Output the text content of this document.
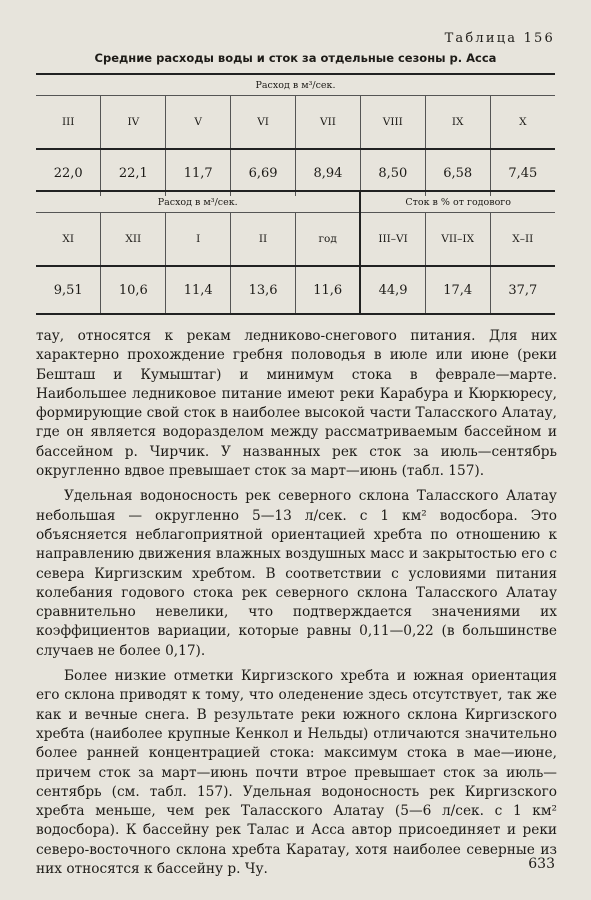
Таблица 156
Средние расходы воды и сток за отдельные сезоны р. Асса
Расход в м³/сек.							
III	IV	V	VI	VII	VIII	IX	X
22,0	22,1	11,7	6,69	8,94	8,50	6,58	7,45
Расход в м³/сек.					Сток в % от годового		
XI	XII	I	II	год	III–VI	VII–IX	X–II
9,51	10,6	11,4	13,6	11,6	44,9	17,4	37,7

тау, относятся к рекам ледниково-снегового питания. Для них характерно прохождение гребня половодья в июле или июне (реки Бешташ и Кумыштаг) и минимум стока в феврале—марте. Наибольшее ледниковое питание имеют реки Карабура и Кюркюресу, формирующие свой сток в наиболее высокой части Таласского Алатау, где он является водоразделом между рассматриваемым бассейном и бассейном р. Чирчик. У названных рек сток за июль—сентябрь округленно вдвое превышает сток за март—июнь (табл. 157).

Удельная водоносность рек северного склона Таласского Алатау небольшая — округленно 5—13 л/сек. с 1 км² водосбора. Это объясняется неблагоприятной ориентацией хребта по отношению к направлению движения влажных воздушных масс и закрытостью его с севера Киргизским хребтом. В соответствии с условиями питания колебания годового стока рек северного склона Таласского Алатау сравнительно невелики, что подтверждается значениями их коэффициентов вариации, которые равны 0,11—0,22 (в большинстве случаев не более 0,17).

Более низкие отметки Киргизского хребта и южная ориентация его склона приводят к тому, что оледенение здесь отсутствует, так же как и вечные снега. В результате реки южного склона Киргизского хребта (наиболее крупные Кенкол и Нельды) отличаются значительно более ранней концентрацией стока: максимум стока в мае—июне, причем сток за март—июнь почти втрое превышает сток за июль—сентябрь (см. табл. 157). Удельная водоносность рек Киргизского хребта меньше, чем рек Таласского Алатау (5—6 л/сек. с 1 км² водосбора). К бассейну рек Талас и Асса автор присоединяет и реки северо-восточного склона хребта Каратау, хотя наиболее северные из них относятся к бассейну р. Чу.	633
